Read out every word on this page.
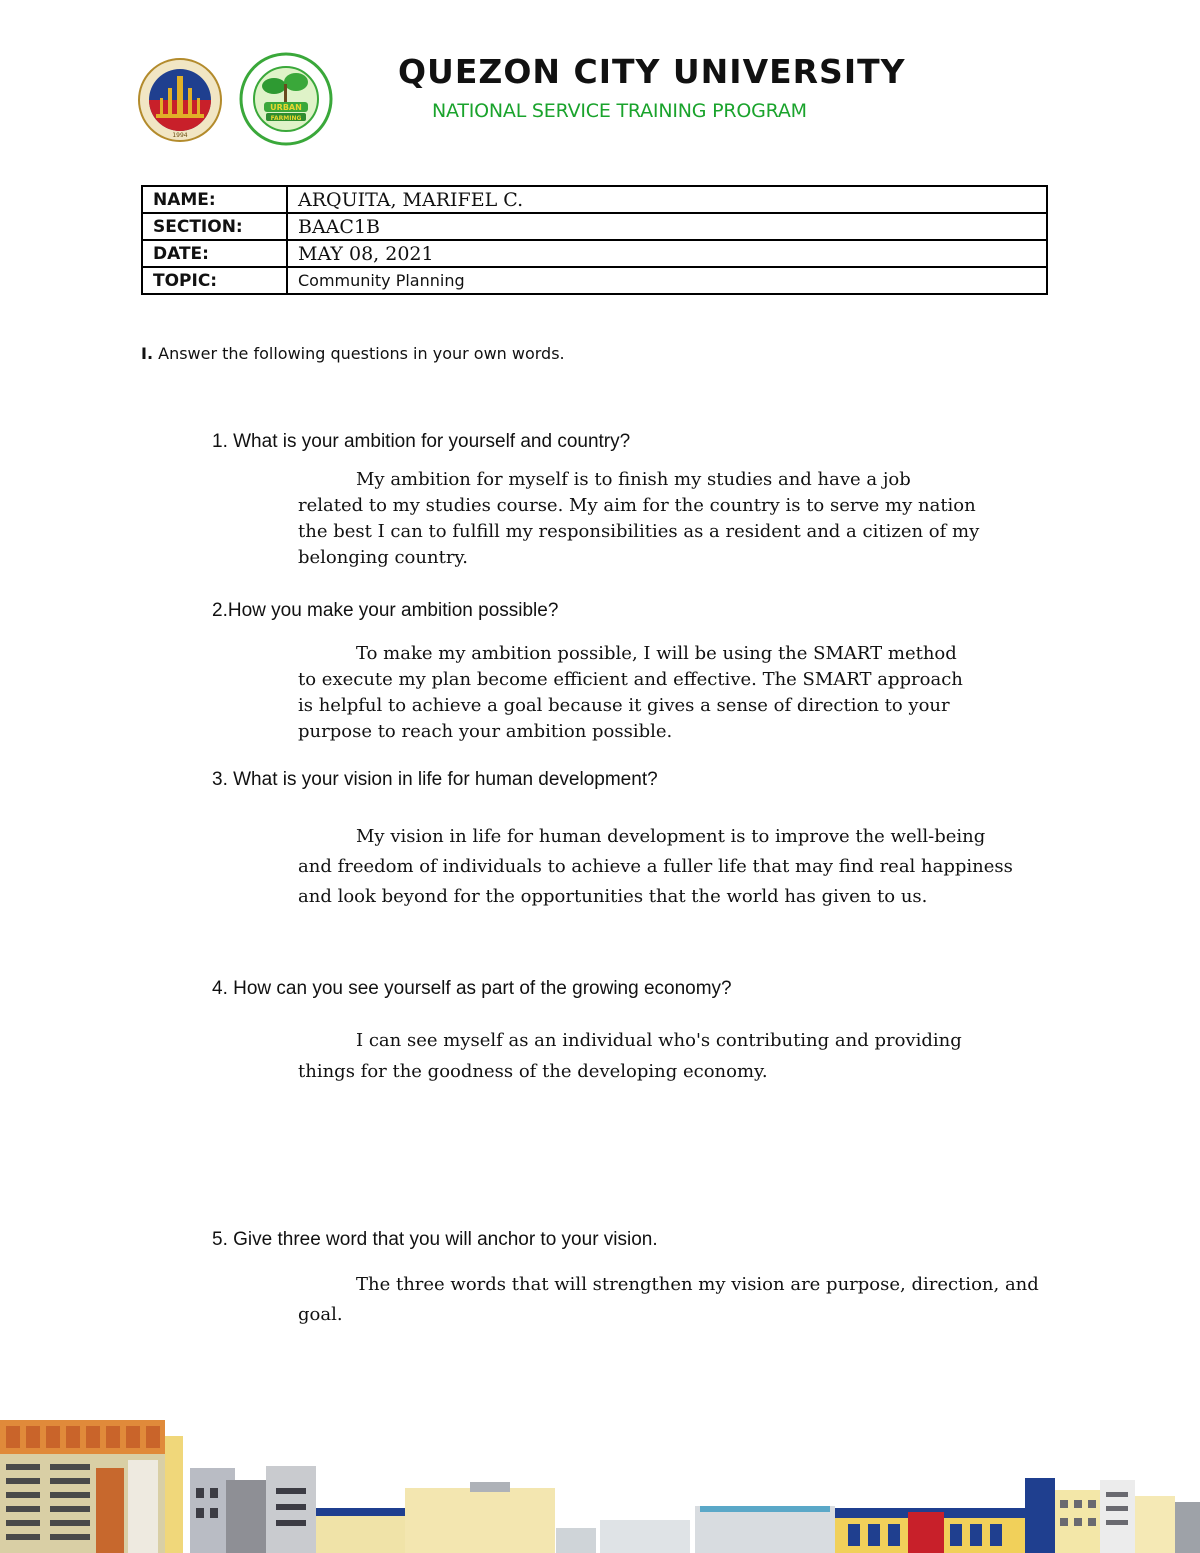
1994
URBAN
FARMING
QUEZON CITY UNIVERSITY
NATIONAL SERVICE TRAINING PROGRAM
NAME:	ARQUITA, MARIFEL C.
SECTION:	BAAC1B
DATE:	MAY 08, 2021
TOPIC:	Community Planning
I. Answer the following questions in your own words.
1. What is your ambition for yourself and country?
My ambition for myself is to finish my studies and have a job
related to my studies course. My aim for the country is to serve my nation
the best I can to fulfill my responsibilities as a resident and a citizen of my
belonging country.
2.How you make your ambition possible?
To make my ambition possible, I will be using the SMART method
to execute my plan become efficient and effective. The SMART approach
is helpful to achieve a goal because it gives a sense of direction to your
purpose to reach your ambition possible.
3. What is your vision in life for human development?
My vision in life for human development is to improve the well-being
and freedom of individuals to achieve a fuller life that may find real happiness
and look beyond for the opportunities that the world has given to us.
4. How can you see yourself as part of the growing economy?
I can see myself as an individual who's contributing and providing
things for the goodness of the developing economy.
5. Give three word that you will anchor to your vision.
The three words that will strengthen my vision are purpose, direction, and
goal.
